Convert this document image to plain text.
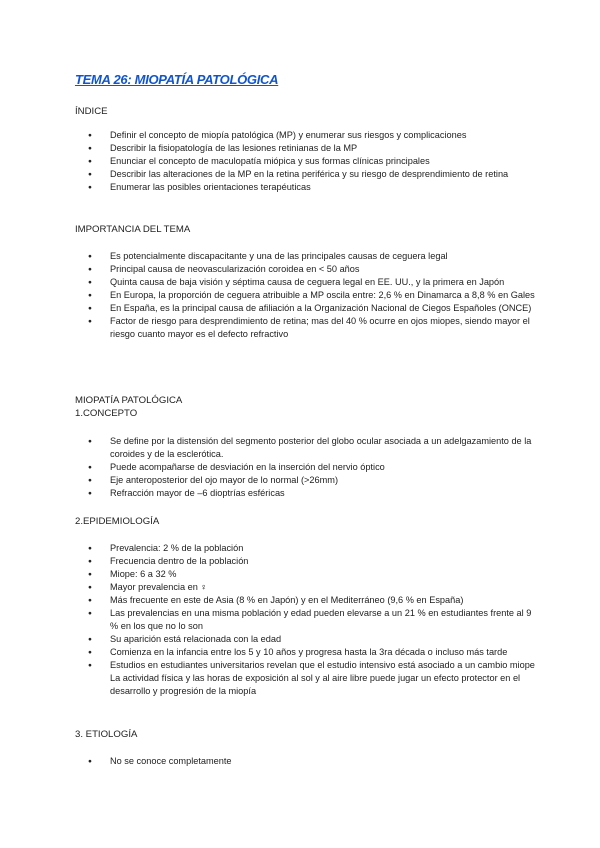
TEMA 26: MIOPATÍA PATOLÓGICA
ÍNDICE
● Definir el concepto de miopía patológica (MP) y enumerar sus riesgos y complicaciones
● Describir la fisiopatología de las lesiones retinianas de la MP
● Enunciar el concepto de maculopatía miópica y sus formas clínicas principales
● Describir las alteraciones de la MP en la retina periférica y su riesgo de desprendimiento de retina
● Enumerar las posibles orientaciones terapéuticas
IMPORTANCIA DEL TEMA
● Es potencialmente discapacitante y una de las principales causas de ceguera legal
● Principal causa de neovascularización coroidea en < 50 años
● Quinta causa de baja visión y séptima causa de ceguera legal en EE. UU., y la primera en Japón
● En Europa, la proporción de ceguera atribuible a MP oscila entre: 2,6 % en Dinamarca a 8,8 % en Gales
● En España, es la principal causa de afiliación a la Organización Nacional de Ciegos Españoles (ONCE)
● Factor de riesgo para desprendimiento de retina; mas del 40 % ocurre en ojos miopes, siendo mayor el riesgo cuanto mayor es el defecto refractivo
MIOPATÍA PATOLÓGICA
1.CONCEPTO
● Se define por la distensión del segmento posterior del globo ocular asociada a un adelgazamiento de la coroides y de la esclerótica.
● Puede acompañarse de desviación en la inserción del nervio óptico
● Eje anteroposterior del ojo mayor de lo normal (>26mm)
● Refracción mayor de –6 dioptrías esféricas
2.EPIDEMIOLOGÍA
● Prevalencia: 2 % de la población
● Frecuencia dentro de la población
● Miope: 6 a 32 %
● Mayor prevalencia en ♀
● Más frecuente en este de Asia (8 % en Japón) y en el Mediterráneo (9,6 % en España)
● Las prevalencias en una misma población y edad pueden elevarse a un 21 % en estudiantes frente al 9 % en los que no lo son
● Su aparición está relacionada con la edad
● Comienza en la infancia entre los 5 y 10 años y progresa hasta la 3ra década o incluso más tarde
● Estudios en estudiantes universitarios revelan que el estudio intensivo está asociado a un cambio miope La actividad física y las horas de exposición al sol y al aire libre puede jugar un efecto protector en el desarrollo y progresión de la miopía
3. ETIOLOGÍA
● No se conoce completamente
